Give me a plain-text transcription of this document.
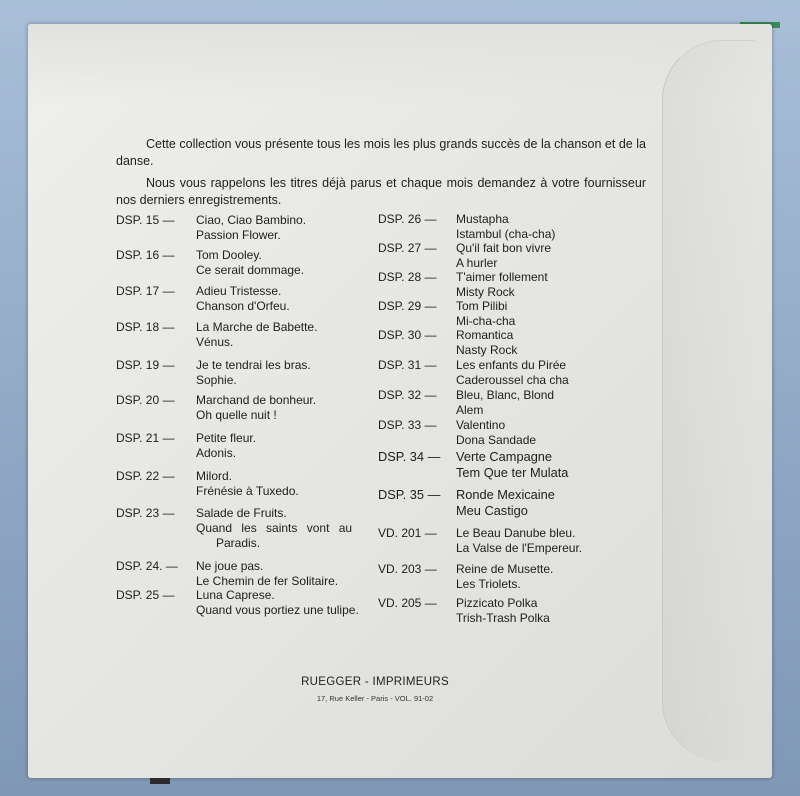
Cette collection vous présente tous les mois les plus grands succès de la chanson et de la danse.

Nous vous rappelons les titres déjà parus et chaque mois demandez à votre fournisseur nos derniers enregistrements.

DSP. 15 — Ciao, Ciao Bambino.
Passion Flower.
DSP. 16 — Tom Dooley.
Ce serait dommage.
DSP. 17 — Adieu Tristesse.
Chanson d'Orfeu.
DSP. 18 — La Marche de Babette.
Vénus.
DSP. 19 — Je te tendrai les bras.
Sophie.
DSP. 20 — Marchand de bonheur.
Oh quelle nuit !
DSP. 21 — Petite fleur.
Adonis.
DSP. 22 — Milord.
Frénésie à Tuxedo.
DSP. 23 — Salade de Fruits.
Quand les saints vont au
Paradis.
DSP. 24. — Ne joue pas.
Le Chemin de fer Solitaire.
DSP. 25 — Luna Caprese.
Quand vous portiez une tulipe.
DSP. 26 — Mustapha
Istambul (cha-cha)
DSP. 27 — Qu'il fait bon vivre
A hurler
DSP. 28 — T'aimer follement
Misty Rock
DSP. 29 — Tom Pilibi
Mi-cha-cha
DSP. 30 — Romantica
Nasty Rock
DSP. 31 — Les enfants du Pirée
Caderoussel cha cha
DSP. 32 — Bleu, Blanc, Blond
Alem
DSP. 33 — Valentino
Dona Sandade
DSP. 34 — Verte Campagne
Tem Que ter Mulata
DSP. 35 — Ronde Mexicaine
Meu Castigo
VD. 201 — Le Beau Danube bleu.
La Valse de l'Empereur.
VD. 203 — Reine de Musette.
Les Triolets.
VD. 205 — Pizzicato Polka
Trish-Trash Polka
RUEGGER - IMPRIMEURS
17, Rue Keller - Paris - VOL. 91-02
